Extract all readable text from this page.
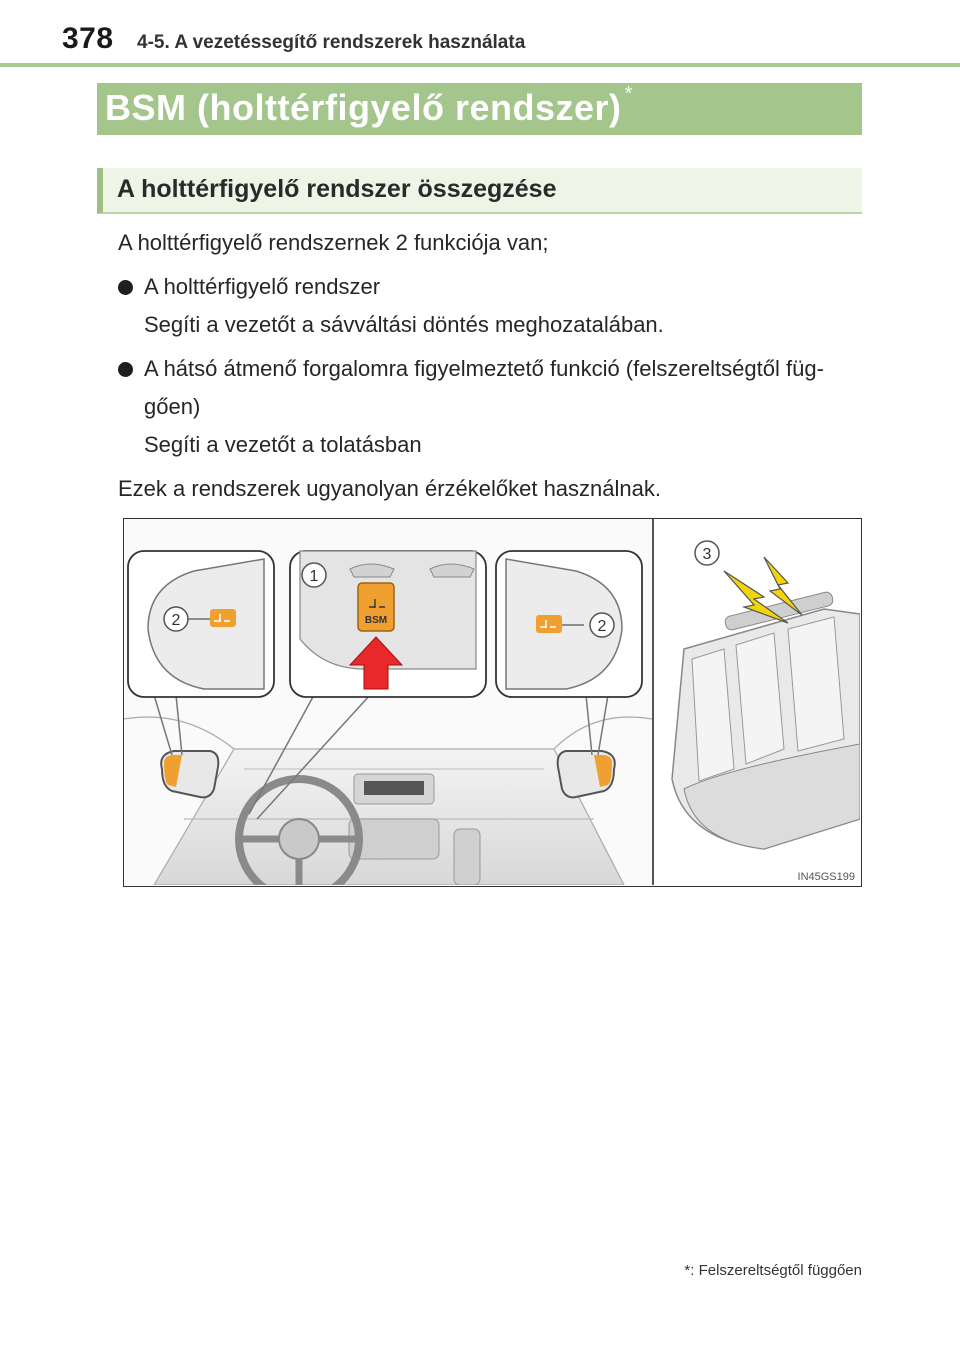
378 4-5. A vezetéssegítő rendszerek használata
BSM (holttérfigyelő rendszer) *
A holttérfigyelő rendszer összegzése

A holttérfigyelő rendszernek 2 funkciója van;

A holttérfigyelő rendszer

Segíti a vezetőt a sávváltási döntés meghozatalában.

A hátsó átmenő forgalomra figyelmeztető funkció (felszereltségtől füg-gően)

Segíti a vezetőt a tolatásban

Ezek a rendszerek ugyanolyan érzékelőket használnak.

BSM
1
2	2
3
IN45GS199
*: Felszereltségtől függően
